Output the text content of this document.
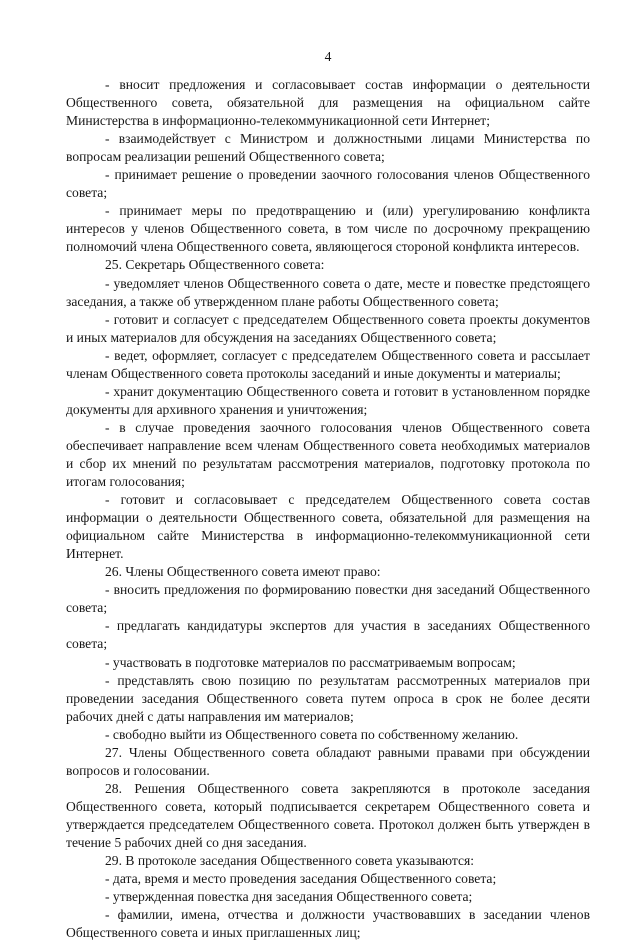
4

- вносит предложения и согласовывает состав информации о деятельности Общественного совета, обязательной для размещения на официальном сайте Министерства в информационно-телекоммуникационной сети Интернет;

- взаимодействует с Министром и должностными лицами Министерства по вопросам реализации решений Общественного совета;

- принимает решение о проведении заочного голосования членов Общественного совета;

- принимает меры по предотвращению и (или) урегулированию конфликта интересов у членов Общественного совета, в том числе по досрочному прекращению полномочий члена Общественного совета, являющегося стороной конфликта интересов.

25. Секретарь Общественного совета:

- уведомляет членов Общественного совета о дате, месте и повестке предстоящего заседания, а также об утвержденном плане работы Общественного совета;

- готовит и согласует с председателем Общественного совета проекты документов и иных материалов для обсуждения на заседаниях Общественного совета;

- ведет, оформляет, согласует с председателем Общественного совета и рассылает членам Общественного совета протоколы заседаний и иные документы и материалы;

- хранит документацию Общественного совета и готовит в установленном порядке документы для архивного хранения и уничтожения;

- в случае проведения заочного голосования членов Общественного совета обеспечивает направление всем членам Общественного совета необходимых материалов и сбор их мнений по результатам рассмотрения материалов, подготовку протокола по итогам голосования;

- готовит и согласовывает с председателем Общественного совета состав информации о деятельности Общественного совета, обязательной для размещения на официальном сайте Министерства в информационно-телекоммуникационной сети Интернет.

26. Члены Общественного совета имеют право:

- вносить предложения по формированию повестки дня заседаний Общественного совета;

- предлагать кандидатуры экспертов для участия в заседаниях Общественного совета;

- участвовать в подготовке материалов по рассматриваемым вопросам;

- представлять свою позицию по результатам рассмотренных материалов при проведении заседания Общественного совета путем опроса в срок не более десяти рабочих дней с даты направления им материалов;

- свободно выйти из Общественного совета по собственному желанию.

27. Члены Общественного совета обладают равными правами при обсуждении вопросов и голосовании.

28. Решения Общественного совета закрепляются в протоколе заседания Общественного совета, который подписывается секретарем Общественного совета и утверждается председателем Общественного совета. Протокол должен быть утвержден в течение 5 рабочих дней со дня заседания.

29. В протоколе заседания Общественного совета указываются:

- дата, время и место проведения заседания Общественного совета;

- утвержденная повестка дня заседания Общественного совета;

- фамилии, имена, отчества и должности участвовавших в заседании членов Общественного совета и иных приглашенных лиц;
